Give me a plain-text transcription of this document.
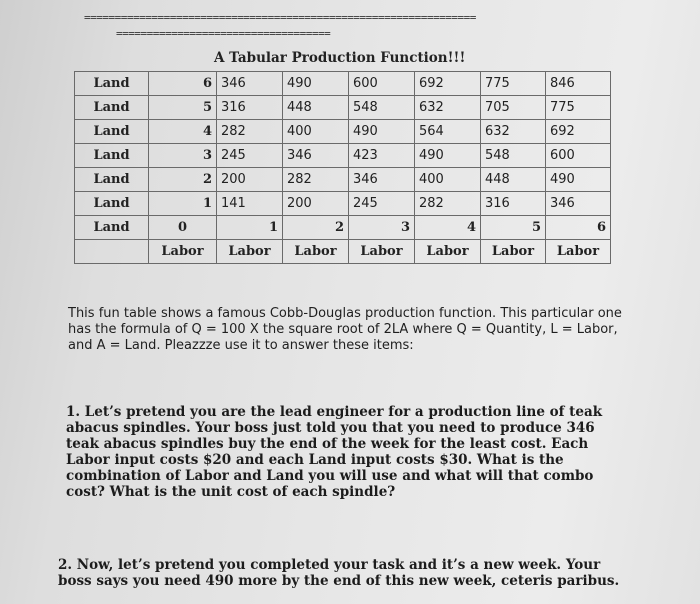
================================================================
===================================
A Tabular Production Function!!!
Land	6	346	490	600	692	775	846
Land	5	316	448	548	632	705	775
Land	4	282	400	490	564	632	692
Land	3	245	346	423	490	548	600
Land	2	200	282	346	400	448	490
Land	1	141	200	245	282	316	346
Land	0	1	2	3	4	5	6
	Labor	Labor	Labor	Labor	Labor	Labor	Labor
This fun table shows a famous Cobb-Douglas production function. This particular one has the formula of Q = 100 X the square root of 2LA where Q = Quantity, L = Labor, and A = Land. Pleazzze use it to answer these items:
1. Let’s pretend you are the lead engineer for a production line of teak abacus spindles. Your boss just told you that you need to produce 346 teak abacus spindles buy the end of the week for the least cost. Each Labor input costs $20 and each Land input costs $30. What is the combination of Labor and Land you will use and what will that combo cost? What is the unit cost of each spindle?
2. Now, let’s pretend you completed your task and it’s a new week. Your boss says you need 490 more by the end of this new week, ceteris paribus.
